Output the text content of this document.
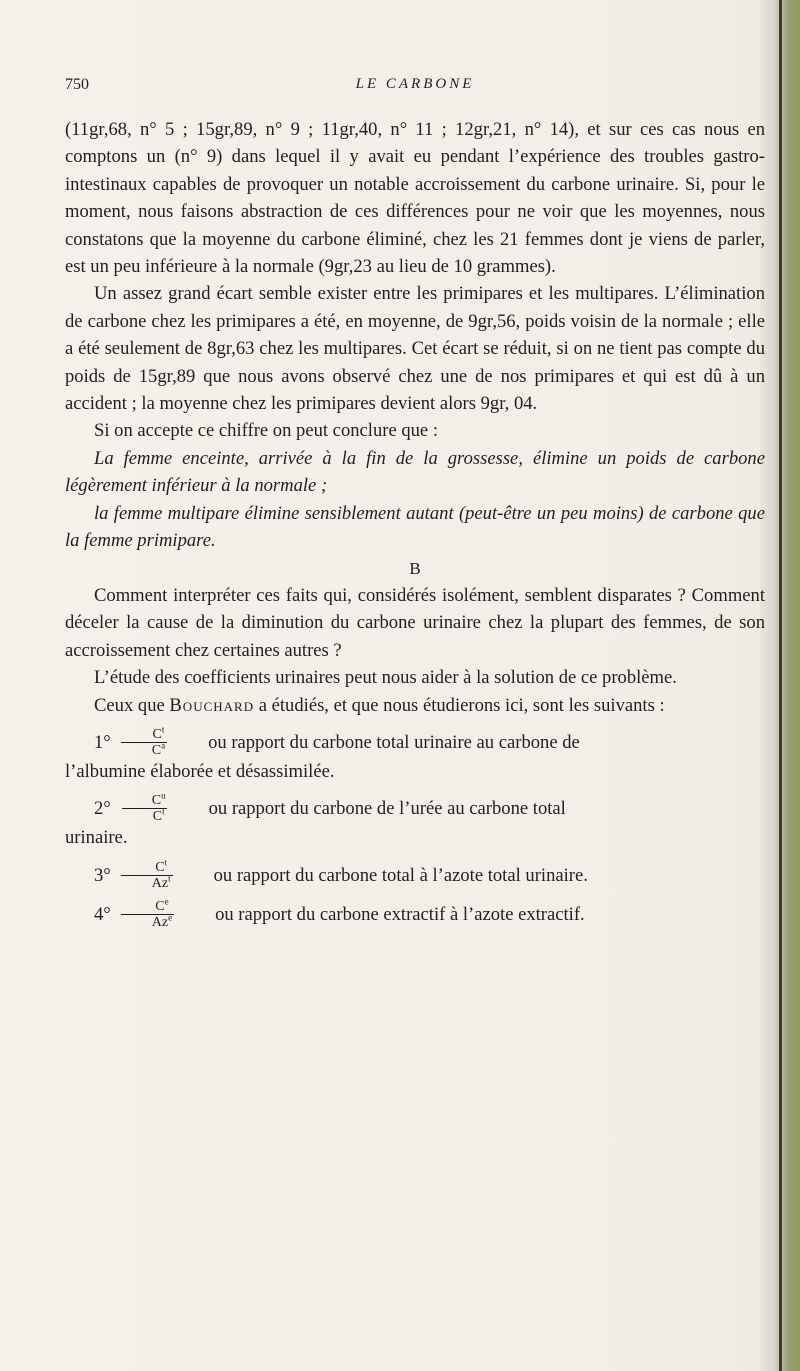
750	LE CARBONE

(11gr,68, n° 5 ; 15gr,89, n° 9 ; 11gr,40, n° 11 ; 12gr,21, n° 14), et sur ces cas nous en comptons un (n° 9) dans lequel il y avait eu pendant l’expérience des troubles gastro-intestinaux capables de provoquer un notable accroissement du carbone urinaire. Si, pour le moment, nous faisons abstraction de ces différences pour ne voir que les moyennes, nous constatons que la moyenne du carbone éliminé, chez les 21 femmes dont je viens de parler, est un peu inférieure à la normale (9gr,23 au lieu de 10 grammes).

Un assez grand écart semble exister entre les primipares et les multipares. L’élimination de carbone chez les primipares a été, en moyenne, de 9gr,56, poids voisin de la normale ; elle a été seulement de 8gr,63 chez les multipares. Cet écart se réduit, si on ne tient pas compte du poids de 15gr,89 que nous avons observé chez une de nos primipares et qui est dû à un accident ; la moyenne chez les primipares devient alors 9gr, 04.

Si on accepte ce chiffre on peut conclure que :

La femme enceinte, arrivée à la fin de la grossesse, élimine un poids de carbone légèrement inférieur à la normale ;

la femme multipare élimine sensiblement autant (peut-être un peu moins) de carbone que la femme primipare.

B

Comment interpréter ces faits qui, considérés isolément, semblent disparates ? Comment déceler la cause de la diminution du carbone urinaire chez la plupart des femmes, de son accroissement chez certaines autres ?

L’étude des coefficients urinaires peut nous aider à la solution de ce problème.

Ceux que Bouchard a étudiés, et que nous étudierons ici, sont les suivants :

$1^\circ \frac{C^t}{C^a}$	ou rapport du carbone total urinaire au carbone de

l’albumine élaborée et désassimilée.

$2^\circ \frac{C^u}{C^t}$	ou rapport du carbone de l’urée au carbone total

urinaire.

$3^\circ \frac{C^t}{Az^t}$	ou rapport du carbone total à l’azote total urinaire.
$4^\circ \frac{C^e}{Az^e}$	ou rapport du carbone extractif à l’azote extractif.
